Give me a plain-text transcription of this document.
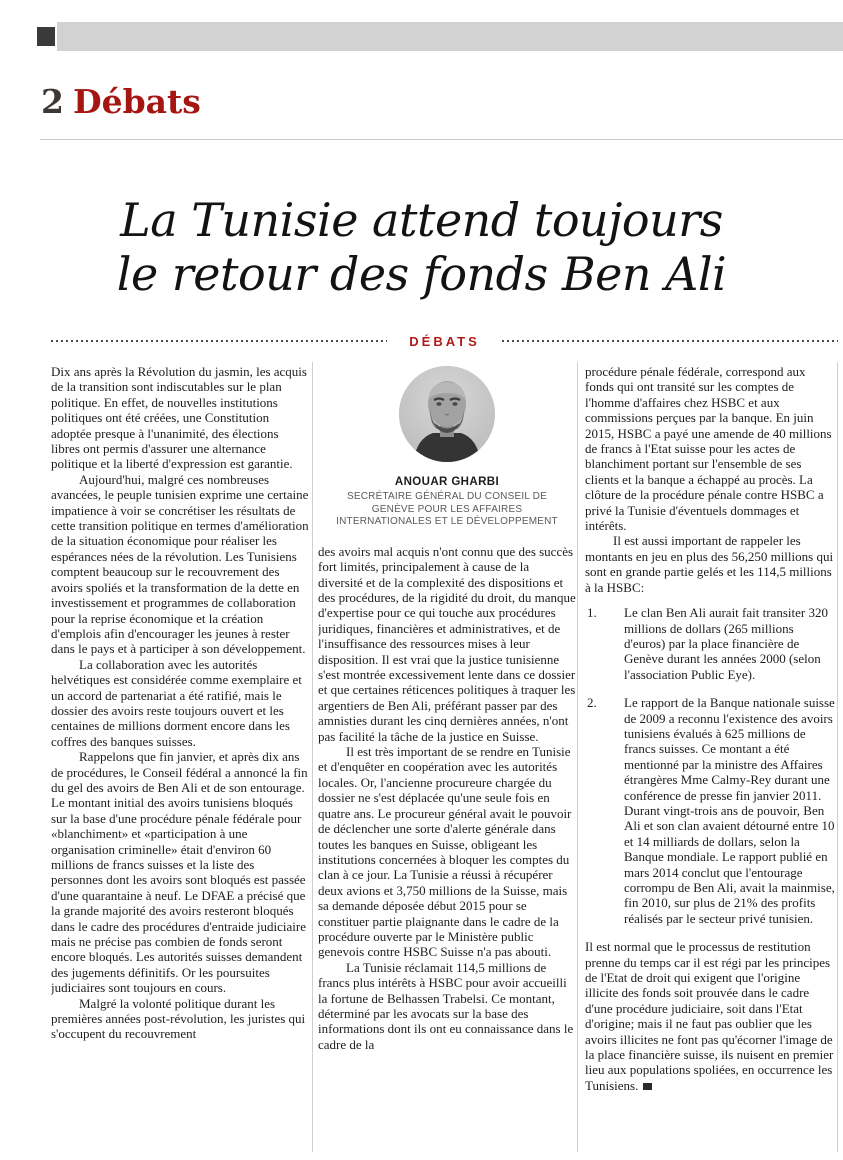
2 Débats
La Tunisie attend toujours
le retour des fonds Ben Ali
DÉBATS

Dix ans après la Révolution du jasmin, les acquis de la transition sont indiscutables sur le plan politique. En effet, de nouvelles institutions politiques ont été créées, une Constitution adoptée presque à l'unanimité, des élections libres ont permis d'assurer une alternance politique et la liberté d'expression est garantie.

Aujourd'hui, malgré ces nombreuses avancées, le peuple tunisien exprime une certaine impatience à voir se concrétiser les résultats de cette transition politique en termes d'amélioration de la situation économique pour réaliser les espérances nées de la révolution. Les Tunisiens comptent beaucoup sur le recouvrement des avoirs spoliés et la transformation de la dette en investissement et programmes de collaboration pour la reprise économique et la création d'emplois afin d'encourager les jeunes à rester dans le pays et à participer à son développement.

La collaboration avec les autorités helvétiques est considérée comme exemplaire et un accord de partenariat a été ratifié, mais le dossier des avoirs reste toujours ouvert et les centaines de millions dorment encore dans les coffres des banques suisses.

Rappelons que fin janvier, et après dix ans de procédures, le Conseil fédéral a annoncé la fin du gel des avoirs de Ben Ali et de son entourage. Le montant initial des avoirs tunisiens bloqués sur la base d'une procédure pénale fédérale pour «blanchiment» et «participation à une organisation criminelle» était d'environ 60 millions de francs suisses et la liste des personnes dont les avoirs sont bloqués est passée d'une quarantaine à neuf. Le DFAE a précisé que la grande majorité des avoirs resteront bloqués dans le cadre des procédures d'entraide judiciaire mais ne précise pas combien de fonds seront encore bloqués. Les autorités suisses demandent des jugements définitifs. Or les poursuites judiciaires sont toujours en cours.

Malgré la volonté politique durant les premières années post-révolution, les juristes qui s'occupent du recouvrement

ANOUAR GHARBI
SECRÉTAIRE GÉNÉRAL DU CONSEIL DE GENÈVE POUR LES AFFAIRES INTERNATIONALES ET LE DÉVELOPPEMENT

des avoirs mal acquis n'ont connu que des succès fort limités, principalement à cause de la diversité et de la complexité des dispositions et des procédures, de la rigidité du droit, du manque d'expertise pour ce qui touche aux procédures juridiques, financières et administratives, et de l'insuffisance des ressources mises à leur disposition. Il est vrai que la justice tunisienne s'est montrée excessivement lente dans ce dossier et que certaines réticences politiques à traquer les argentiers de Ben Ali, préférant passer par des amnisties durant les cinq dernières années, n'ont pas facilité la tâche de la justice en Suisse.

Il est très important de se rendre en Tunisie et d'enquêter en coopération avec les autorités locales. Or, l'ancienne procureure chargée du dossier ne s'est déplacée qu'une seule fois en quatre ans. Le procureur général avait le pouvoir de déclencher une sorte d'alerte générale dans toutes les banques en Suisse, obligeant les institutions concernées à bloquer les comptes du clan à ce jour. La Tunisie a réussi à récupérer deux avions et 3,750 millions de la Suisse, mais sa demande déposée début 2015 pour se constituer partie plaignante dans le cadre de la procédure ouverte par le Ministère public genevois contre HSBC Suisse n'a pas abouti.

La Tunisie réclamait 114,5 millions de francs plus intérêts à HSBC pour avoir accueilli la fortune de Belhassen Trabelsi. Ce montant, déterminé par les avocats sur la base des informations dont ils ont eu connaissance dans le cadre de la

procédure pénale fédérale, correspond aux fonds qui ont transité sur les comptes de l'homme d'affaires chez HSBC et aux commissions perçues par la banque. En juin 2015, HSBC a payé une amende de 40 millions de francs à l'Etat suisse pour les actes de blanchiment portant sur l'ensemble de ses clients et la banque a échappé au procès. La clôture de la procédure pénale contre HSBC a privé la Tunisie d'éventuels dommages et intérêts.

Il est aussi important de rappeler les montants en jeu en plus des 56,250 millions qui sont en grande partie gelés et les 114,5 millions à la HSBC:

1.	Le clan Ben Ali aurait fait transiter 320 millions de dollars (265 millions d'euros) par la place financière de Genève durant les années 2000 (selon l'association Public Eye).

2.	Le rapport de la Banque nationale suisse de 2009 a reconnu l'existence des avoirs tunisiens évalués à 625 millions de francs suisses. Ce montant a été mentionné par la ministre des Affaires étrangères Mme Calmy-Rey durant une conférence de presse fin janvier 2011. Durant vingt-trois ans de pouvoir, Ben Ali et son clan avaient détourné entre 10 et 14 milliards de dollars, selon la Banque mondiale. Le rapport publié en mars 2014 conclut que l'entourage corrompu de Ben Ali, avait la mainmise, fin 2010, sur plus de 21% des profits réalisés par le secteur privé tunisien.

Il est normal que le processus de restitution prenne du temps car il est régi par les principes de l'Etat de droit qui exigent que l'origine illicite des fonds soit prouvée dans le cadre d'une procédure judiciaire, soit dans l'Etat d'origine; mais il ne faut pas oublier que les avoirs illicites ne font pas qu'écorner l'image de la place financière suisse, ils nuisent en premier lieu aux populations spoliées, en occurrence les Tunisiens.
